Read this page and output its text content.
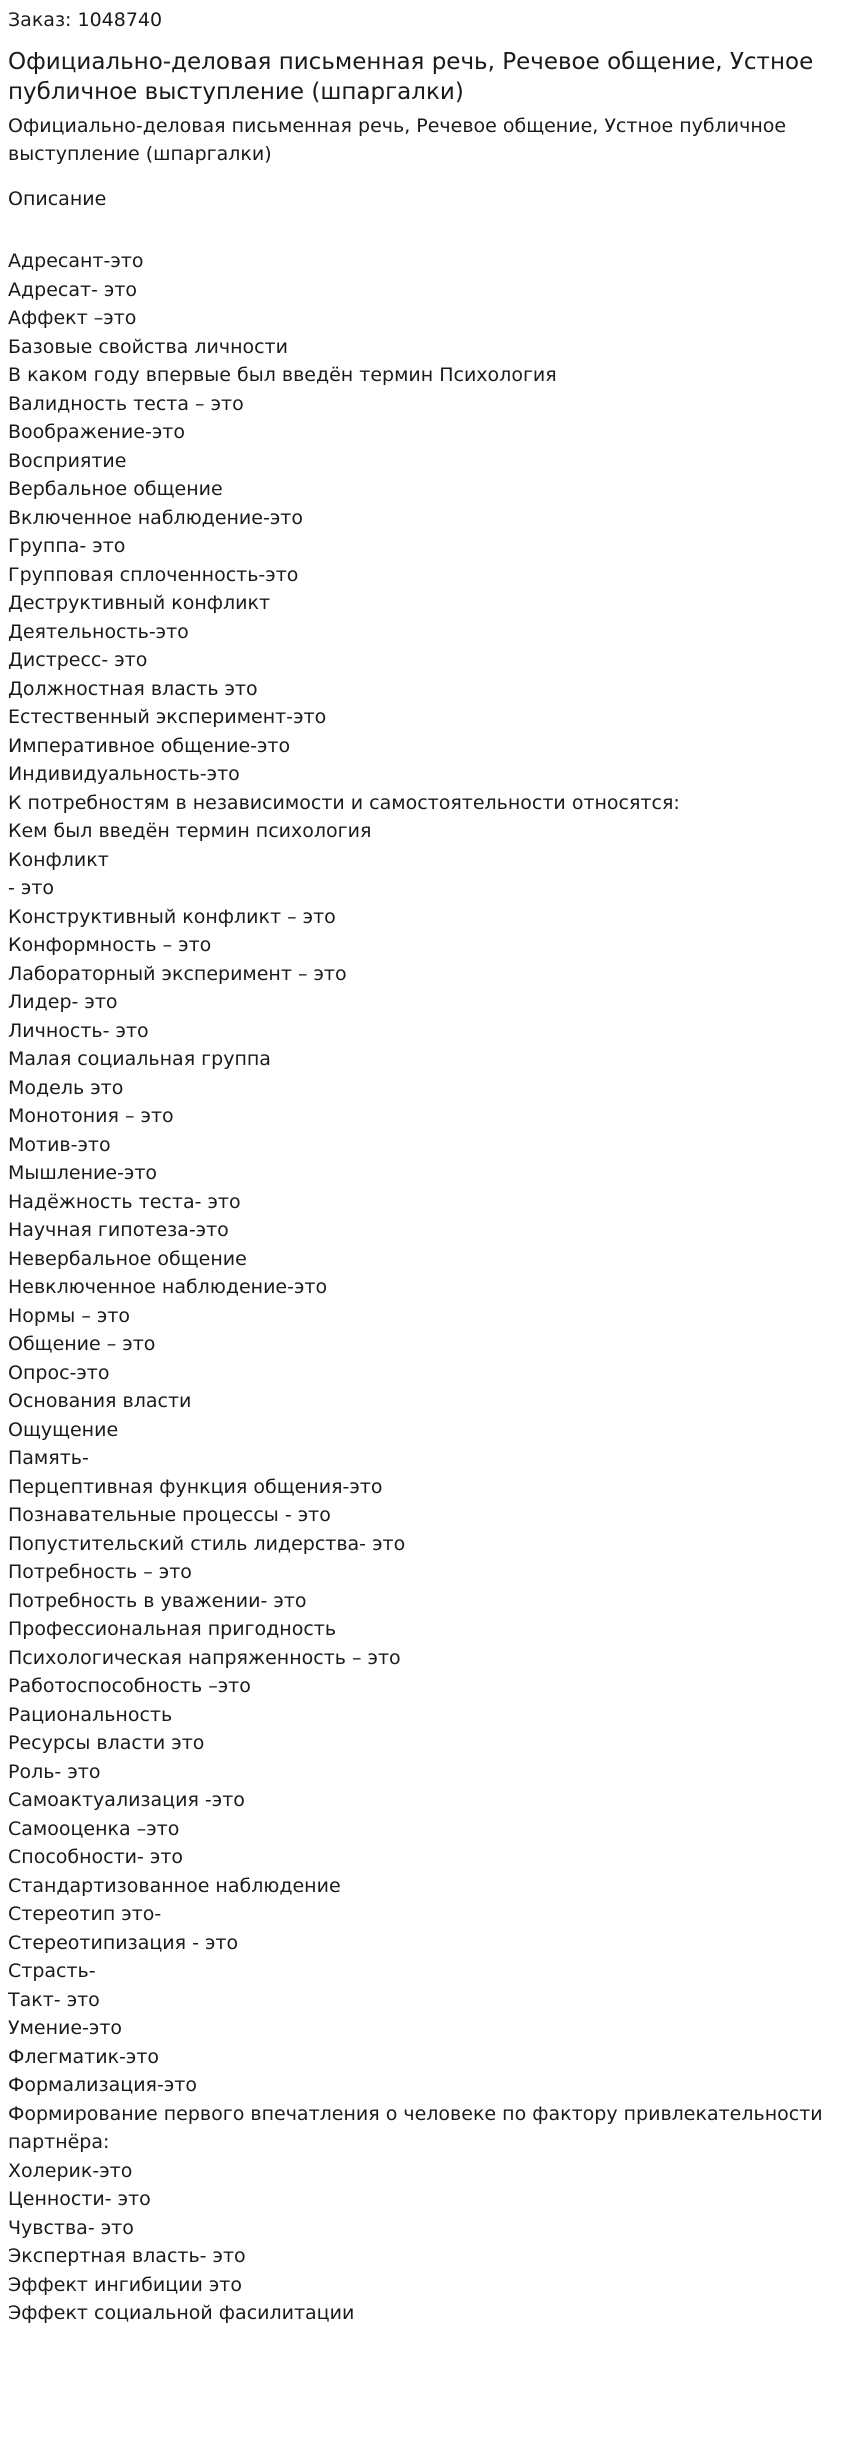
Заказ: 1048740
Официально-деловая письменная речь, Речевое общение, Устное публичное выступление (шпаргалки)

Официально-деловая письменная речь, Речевое общение, Устное публичное выступление (шпаргалки)

Описание
Адресант-это
Адресат- это
Аффект –это
Базовые свойства личности
В каком году впервые был введён термин Психология
Валидность теста – это
Воображение-это
Восприятие
Вербальное общение
Включенное наблюдение-это
Группа- это
Групповая сплоченность-это
Деструктивный конфликт
Деятельность-это
Дистресс- это
Должностная власть это
Естественный эксперимент-это
Императивное общение-это
Индивидуальность-это
К потребностям в независимости и самостоятельности относятся:
Кем был введён термин психология
Конфликт
- это
Конструктивный конфликт – это
Конформность – это
Лабораторный эксперимент – это
Лидер- это
Личность- это
Малая социальная группа
Модель это
Монотония – это
Мотив-это
Мышление-это
Надёжность теста- это
Научная гипотеза-это
Невербальное общение
Невключенное наблюдение-это
Нормы – это
Общение – это
Опрос-это
Основания власти
Ощущение
Память-
Перцептивная функция общения-это
Познавательные процессы - это
Попустительский стиль лидерства- это
Потребность – это
Потребность в уважении- это
Профессиональная пригодность
Психологическая напряженность – это
Работоспособность –это
Рациональность
Ресурсы власти это
Роль- это
Самоактуализация -это
Самооценка –это
Способности- это
Стандартизованное наблюдение
Стереотип это-
Стереотипизация - это
Страсть-
Такт- это
Умение-это
Флегматик-это
Формализация-это
Формирование первого впечатления о человеке по фактору привлекательности партнёра:
Холерик-это
Ценности- это
Чувства- это
Экспертная власть- это
Эффект ингибиции это
Эффект социальной фасилитации
